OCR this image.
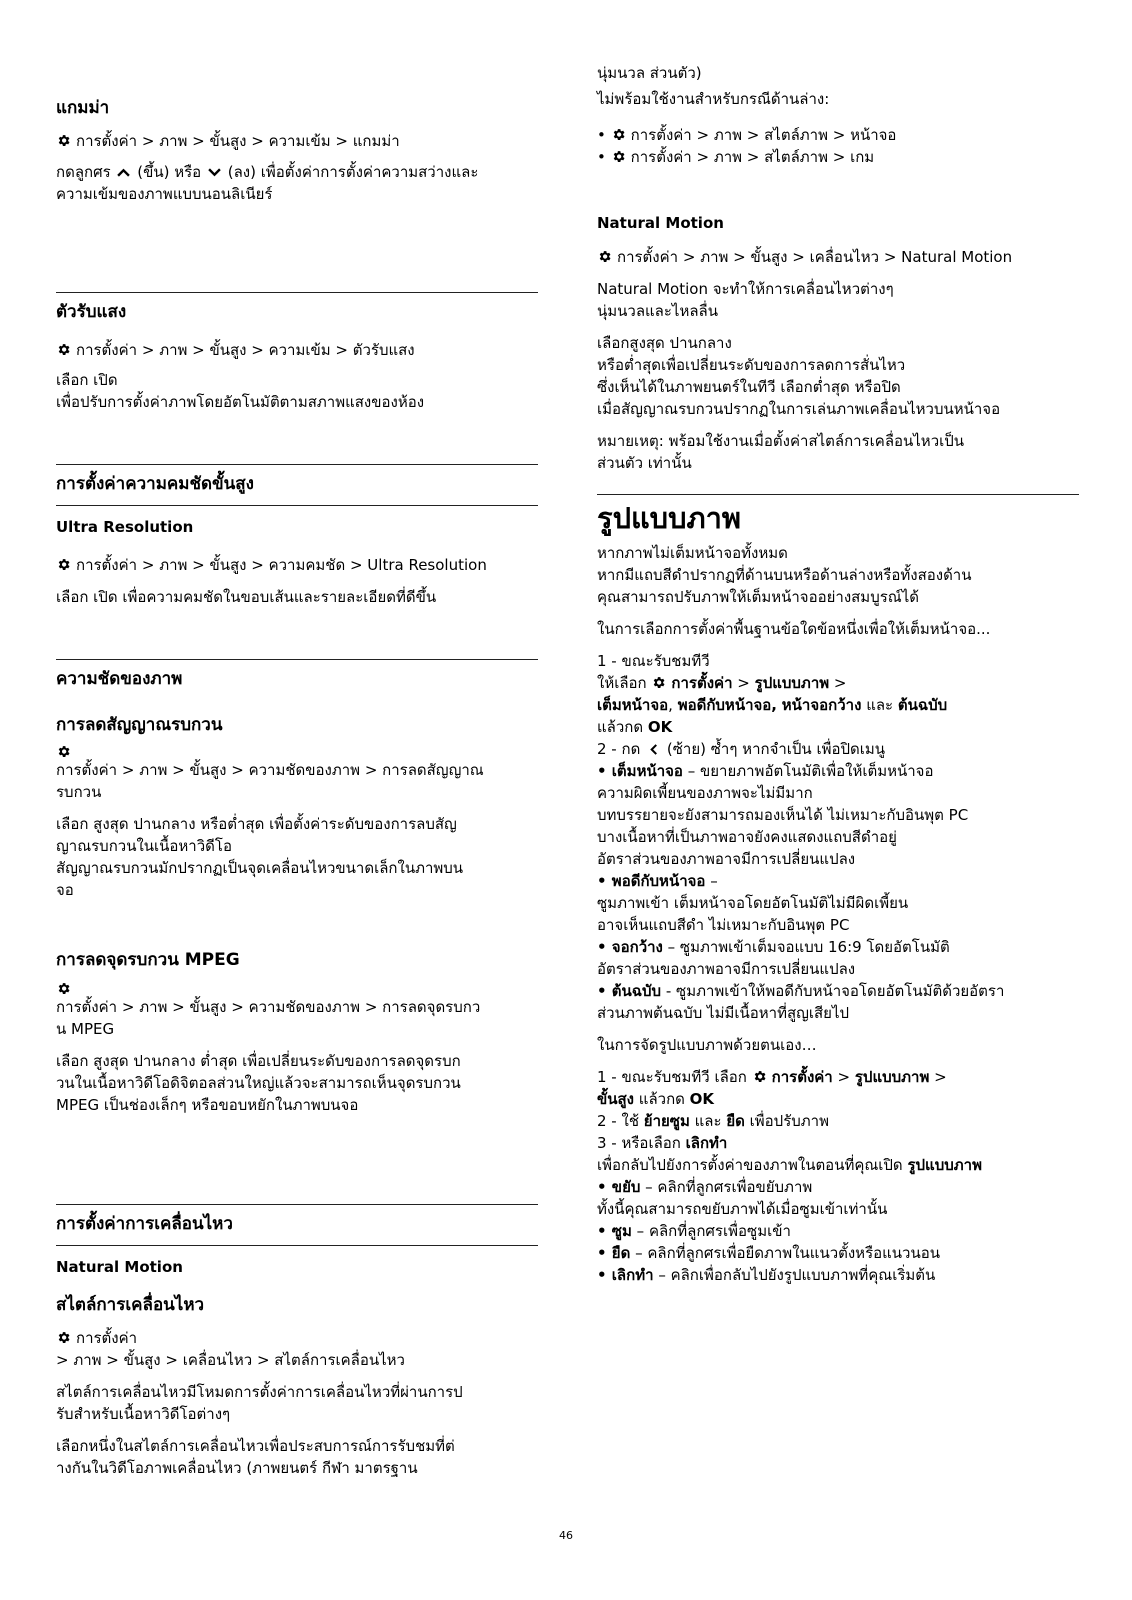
แกมม่า
การตั้งค่า > ภาพ > ขั้นสูง > ความเข้ม > แกมม่า
กดลูกศร (ขึ้น) หรือ (ลง) เพื่อตั้งค่าการตั้งค่าความสว่างและ
ความเข้มของภาพแบบนอนลิเนียร์
ตัวรับแสง
การตั้งค่า > ภาพ > ขั้นสูง > ความเข้ม > ตัวรับแสง
เลือก เปิด
เพื่อปรับการตั้งค่าภาพโดยอัตโนมัติตามสภาพแสงของห้อง
การตั้งค่าความคมชัดขั้นสูง
Ultra Resolution
การตั้งค่า > ภาพ > ขั้นสูง > ความคมชัด > Ultra Resolution
เลือก เปิด เพื่อความคมชัดในขอบเส้นและรายละเอียดที่ดีขึ้น
ความชัดของภาพ
การลดสัญญาณรบกวน
การตั้งค่า > ภาพ > ขั้นสูง > ความชัดของภาพ > การลดสัญญาณ
รบกวน
เลือก สูงสุด ปานกลาง หรือต่ำสุด เพื่อตั้งค่าระดับของการลบสัญ
ญาณรบกวนในเนื้อหาวิดีโอ
สัญญาณรบกวนมักปรากฏเป็นจุดเคลื่อนไหวขนาดเล็กในภาพบน
จอ
การลดจุดรบกวน MPEG
การตั้งค่า > ภาพ > ขั้นสูง > ความชัดของภาพ > การลดจุดรบกว
น MPEG
เลือก สูงสุด ปานกลาง ต่ำสุด เพื่อเปลี่ยนระดับของการลดจุดรบก
วนในเนื้อหาวิดีโอดิจิตอลส่วนใหญ่แล้วจะสามารถเห็นจุดรบกวน
MPEG เป็นช่องเล็กๆ หรือขอบหยักในภาพบนจอ
การตั้งค่าการเคลื่อนไหว
Natural Motion
สไตล์การเคลื่อนไหว
การตั้งค่า
> ภาพ > ขั้นสูง > เคลื่อนไหว > สไตล์การเคลื่อนไหว
สไตล์การเคลื่อนไหวมีโหมดการตั้งค่าการเคลื่อนไหวที่ผ่านการป
รับสำหรับเนื้อหาวิดีโอต่างๆ
เลือกหนึ่งในสไตล์การเคลื่อนไหวเพื่อประสบการณ์การรับชมที่ต่
างกันในวิดีโอภาพเคลื่อนไหว (ภาพยนตร์ กีฬา มาตรฐาน
นุ่มนวล ส่วนตัว)
ไม่พร้อมใช้งานสำหรับกรณีด้านล่าง:
• การตั้งค่า > ภาพ > สไตล์ภาพ > หน้าจอ
• การตั้งค่า > ภาพ > สไตล์ภาพ > เกม
Natural Motion
การตั้งค่า > ภาพ > ขั้นสูง > เคลื่อนไหว > Natural Motion
Natural Motion จะทำให้การเคลื่อนไหวต่างๆ
นุ่มนวลและไหลลื่น
เลือกสูงสุด ปานกลาง
หรือต่ำสุดเพื่อเปลี่ยนระดับของการลดการสั่นไหว
ซึ่งเห็นได้ในภาพยนตร์ในทีวี เลือกต่ำสุด หรือปิด
เมื่อสัญญาณรบกวนปรากฏในการเล่นภาพเคลื่อนไหวบนหน้าจอ
หมายเหตุ: พร้อมใช้งานเมื่อตั้งค่าสไตล์การเคลื่อนไหวเป็น
ส่วนตัว เท่านั้น
รูปแบบภาพ
หากภาพไม่เต็มหน้าจอทั้งหมด
หากมีแถบสีดำปรากฏที่ด้านบนหรือด้านล่างหรือทั้งสองด้าน
คุณสามารถปรับภาพให้เต็มหน้าจออย่างสมบูรณ์ได้
ในการเลือกการตั้งค่าพื้นฐานข้อใดข้อหนึ่งเพื่อให้เต็มหน้าจอ...
1 - ขณะรับชมทีวี
ให้เลือก การตั้งค่า > รูปแบบภาพ >
เต็มหน้าจอ, พอดีกับหน้าจอ, หน้าจอกว้าง และ ต้นฉบับ
แล้วกด OK
2 - กด (ซ้าย) ซ้ำๆ หากจำเป็น เพื่อปิดเมนู
• เต็มหน้าจอ – ขยายภาพอัตโนมัติเพื่อให้เต็มหน้าจอ
ความผิดเพี้ยนของภาพจะไม่มีมาก
บทบรรยายจะยังสามารถมองเห็นได้ ไม่เหมาะกับอินพุต PC
บางเนื้อหาที่เป็นภาพอาจยังคงแสดงแถบสีดำอยู่
อัตราส่วนของภาพอาจมีการเปลี่ยนแปลง
• พอดีกับหน้าจอ –
ซูมภาพเข้า เต็มหน้าจอโดยอัตโนมัติไม่มีผิดเพี้ยน
อาจเห็นแถบสีดำ ไม่เหมาะกับอินพุต PC
• จอกว้าง – ซูมภาพเข้าเต็มจอแบบ 16:9 โดยอัตโนมัติ
อัตราส่วนของภาพอาจมีการเปลี่ยนแปลง
• ต้นฉบับ - ซูมภาพเข้าให้พอดีกับหน้าจอโดยอัตโนมัติด้วยอัตรา
ส่วนภาพต้นฉบับ ไม่มีเนื้อหาที่สูญเสียไป
ในการจัดรูปแบบภาพด้วยตนเอง…
1 - ขณะรับชมทีวี เลือก การตั้งค่า > รูปแบบภาพ >
ขั้นสูง แล้วกด OK
2 - ใช้ ย้ายซูม และ ยืด เพื่อปรับภาพ
3 - หรือเลือก เลิกทำ
เพื่อกลับไปยังการตั้งค่าของภาพในตอนที่คุณเปิด รูปแบบภาพ
• ขยับ – คลิกที่ลูกศรเพื่อขยับภาพ
ทั้งนี้คุณสามารถขยับภาพได้เมื่อซูมเข้าเท่านั้น
• ซูม – คลิกที่ลูกศรเพื่อซูมเข้า
• ยืด – คลิกที่ลูกศรเพื่อยืดภาพในแนวตั้งหรือแนวนอน
• เลิกทำ – คลิกเพื่อกลับไปยังรูปแบบภาพที่คุณเริ่มต้น
46
